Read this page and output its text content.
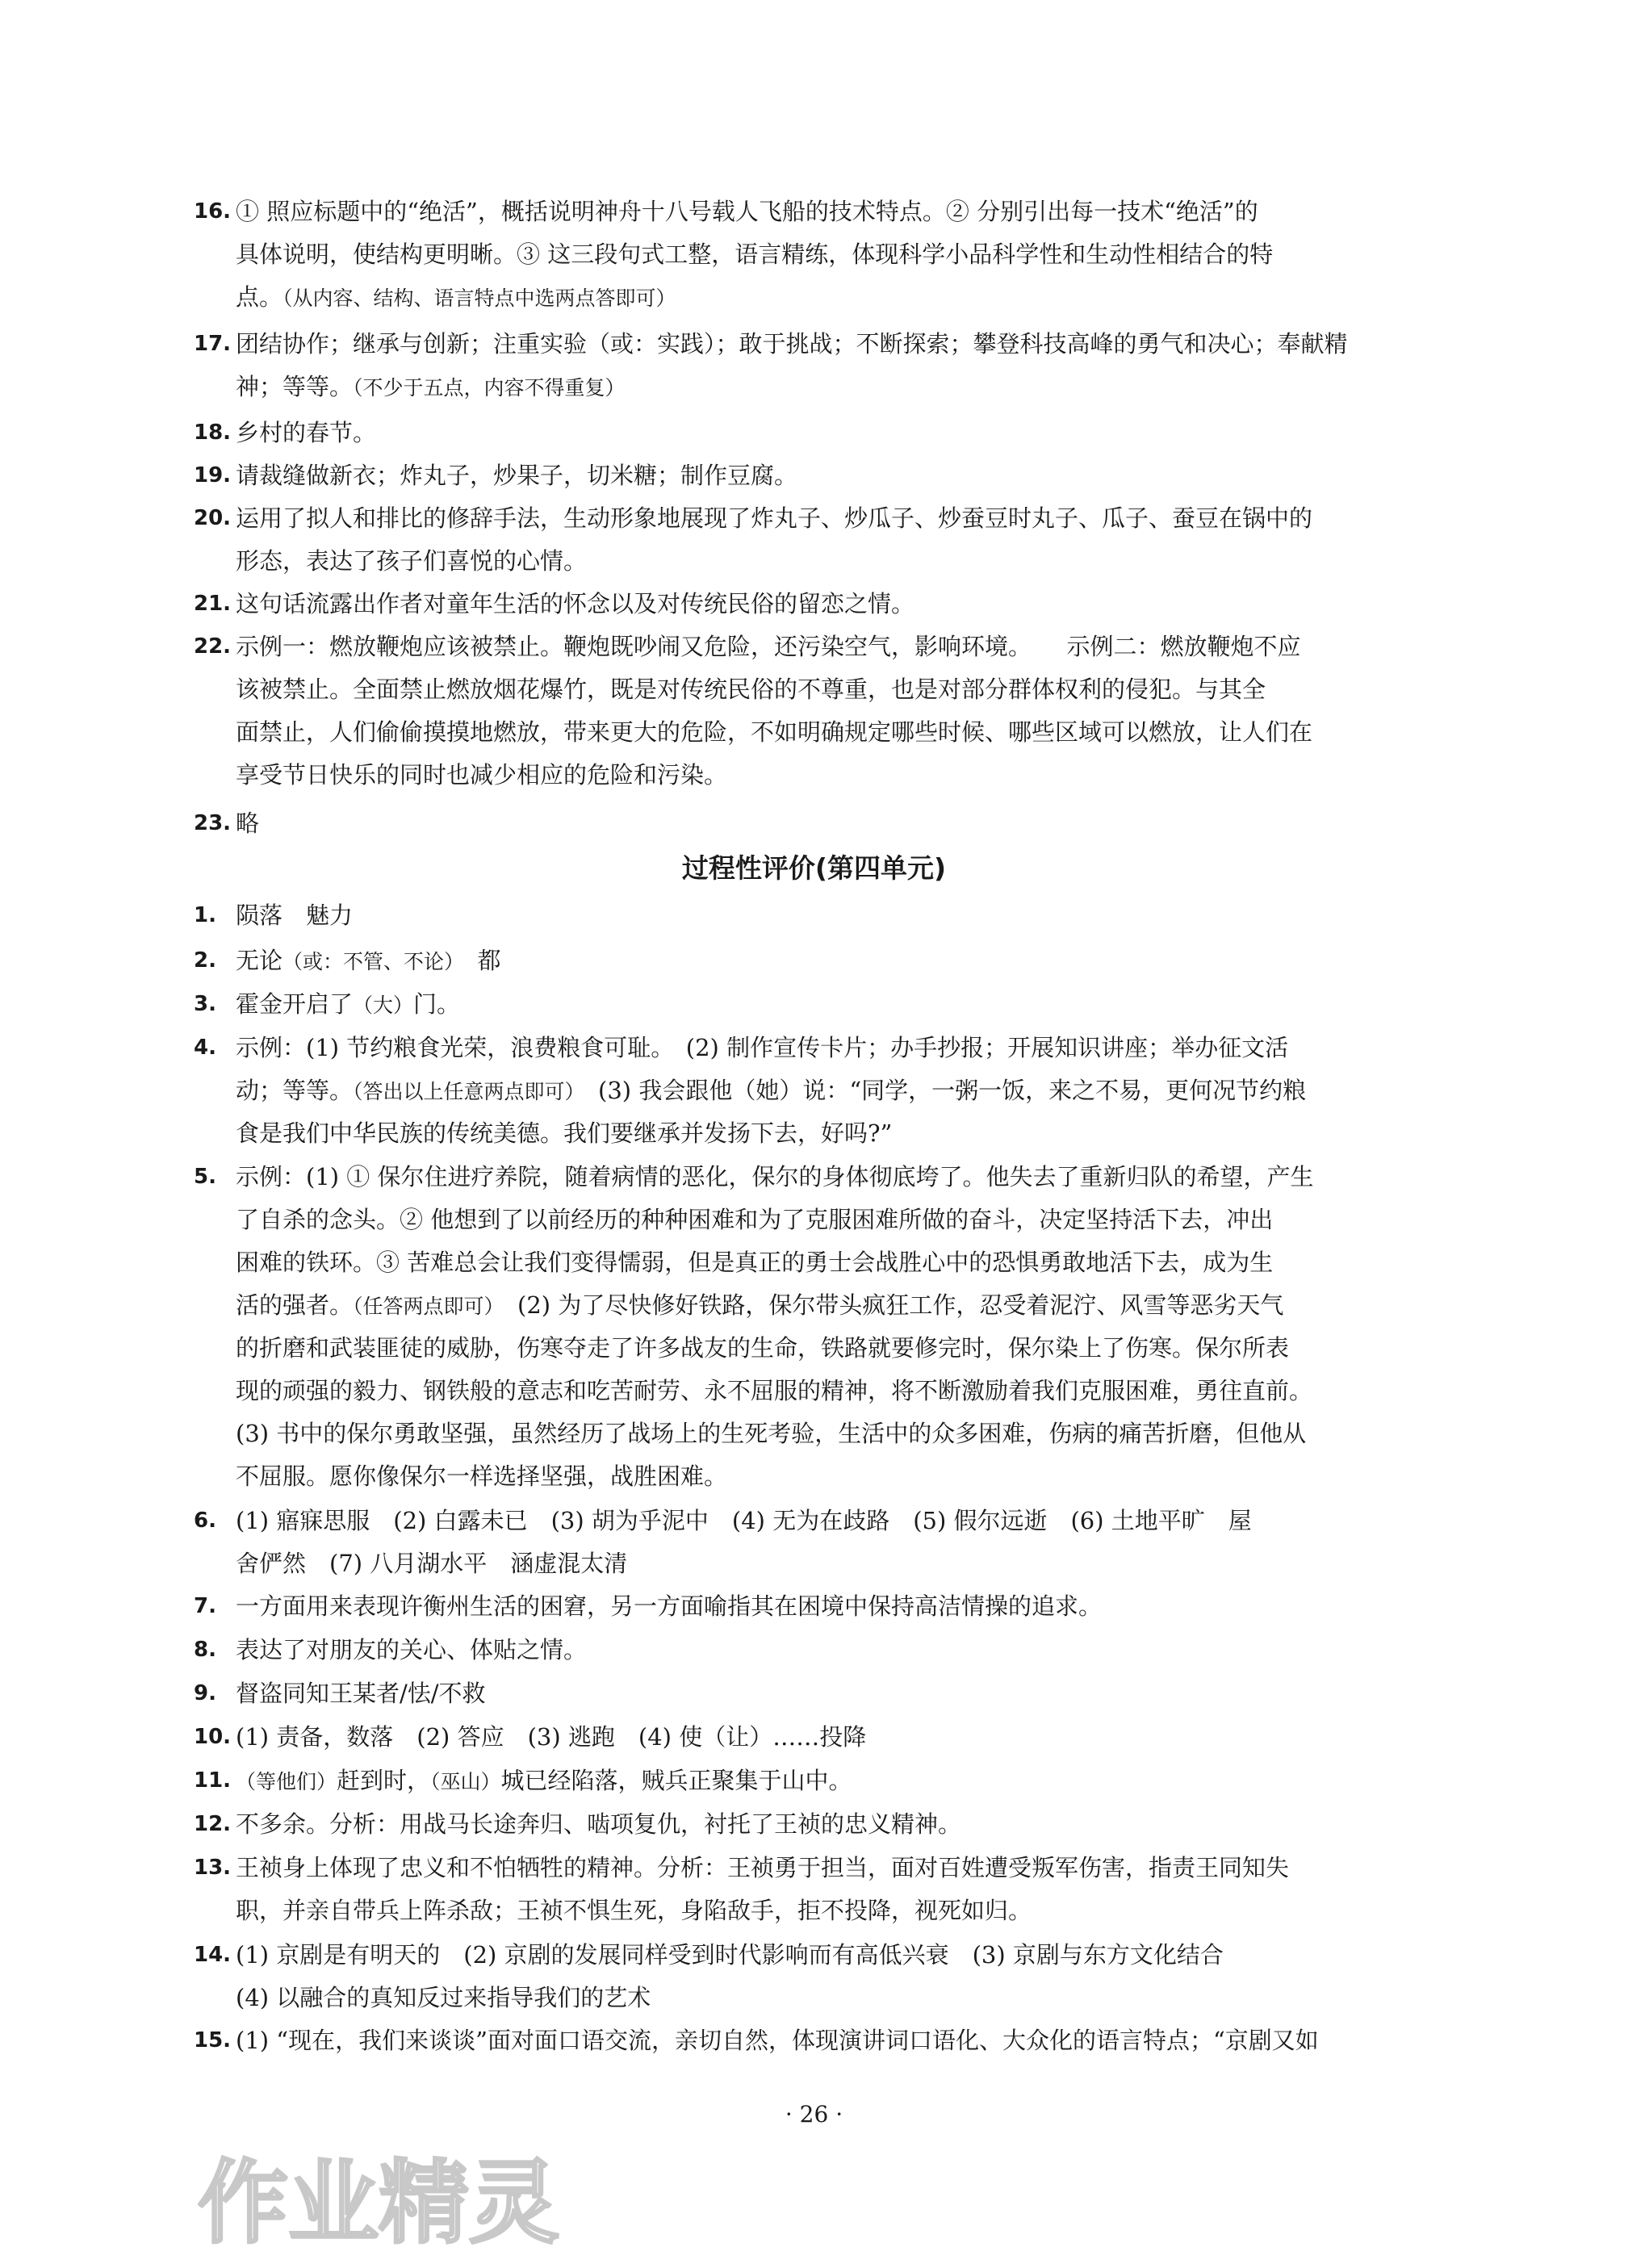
16. ① 照应标题中的“绝活”，概括说明神舟十八号载人飞船的技术特点。② 分别引出每一技术“绝活”的
具体说明，使结构更明晰。③ 这三段句式工整，语言精练，体现科学小品科学性和生动性相结合的特
点。（从内容、结构、语言特点中选两点答即可）
17. 团结协作；继承与创新；注重实验（或：实践）；敢于挑战；不断探索；攀登科技高峰的勇气和决心；奉献精
神；等等。（不少于五点，内容不得重复）
18. 乡村的春节。
19. 请裁缝做新衣；炸丸子，炒果子，切米糖；制作豆腐。
20. 运用了拟人和排比的修辞手法，生动形象地展现了炸丸子、炒瓜子、炒蚕豆时丸子、瓜子、蚕豆在锅中的
形态，表达了孩子们喜悦的心情。
21. 这句话流露出作者对童年生活的怀念以及对传统民俗的留恋之情。
22. 示例一：燃放鞭炮应该被禁止。鞭炮既吵闹又危险，还污染空气，影响环境。　　示例二：燃放鞭炮不应
该被禁止。全面禁止燃放烟花爆竹，既是对传统民俗的不尊重，也是对部分群体权利的侵犯。与其全
面禁止，人们偷偷摸摸地燃放，带来更大的危险，不如明确规定哪些时候、哪些区域可以燃放，让人们在
享受节日快乐的同时也减少相应的危险和污染。
23. 略
过程性评价(第四单元)
1. 陨落　魅力
2. 无论（或：不管、不论）　都
3. 霍金开启了（大）门。
4. 示例：(1) 节约粮食光荣，浪费粮食可耻。　(2) 制作宣传卡片；办手抄报；开展知识讲座；举办征文活
动；等等。（答出以上任意两点即可）　(3) 我会跟他（她）说：“同学，一粥一饭，来之不易，更何况节约粮
食是我们中华民族的传统美德。我们要继承并发扬下去，好吗?”
5. 示例：(1) ① 保尔住进疗养院，随着病情的恶化，保尔的身体彻底垮了。他失去了重新归队的希望，产生
了自杀的念头。② 他想到了以前经历的种种困难和为了克服困难所做的奋斗，决定坚持活下去，冲出
困难的铁环。③ 苦难总会让我们变得懦弱，但是真正的勇士会战胜心中的恐惧勇敢地活下去，成为生
活的强者。（任答两点即可）　(2) 为了尽快修好铁路，保尔带头疯狂工作，忍受着泥泞、风雪等恶劣天气
的折磨和武装匪徒的威胁，伤寒夺走了许多战友的生命，铁路就要修完时，保尔染上了伤寒。保尔所表
现的顽强的毅力、钢铁般的意志和吃苦耐劳、永不屈服的精神，将不断激励着我们克服困难，勇往直前。
(3) 书中的保尔勇敢坚强，虽然经历了战场上的生死考验，生活中的众多困难，伤病的痛苦折磨，但他从
不屈服。愿你像保尔一样选择坚强，战胜困难。
6. (1) 寤寐思服　(2) 白露未已　(3) 胡为乎泥中　(4) 无为在歧路　(5) 假尔远逝　(6) 土地平旷　屋
舍俨然　(7) 八月湖水平　涵虚混太清
7. 一方面用来表现许衡州生活的困窘，另一方面喻指其在困境中保持高洁情操的追求。
8. 表达了对朋友的关心、体贴之情。
9. 督盗同知王某者/怯/不救
10. (1) 责备，数落　(2) 答应　(3) 逃跑　(4) 使（让）……投降
11. （等他们）赶到时，（巫山）城已经陷落，贼兵正聚集于山中。
12. 不多余。分析：用战马长途奔归、啮项复仇，衬托了王祯的忠义精神。
13. 王祯身上体现了忠义和不怕牺牲的精神。分析：王祯勇于担当，面对百姓遭受叛军伤害，指责王同知失
职，并亲自带兵上阵杀敌；王祯不惧生死，身陷敌手，拒不投降，视死如归。
14. (1) 京剧是有明天的　(2) 京剧的发展同样受到时代影响而有高低兴衰　(3) 京剧与东方文化结合
(4) 以融合的真知反过来指导我们的艺术
15. (1) “现在，我们来谈谈”面对面口语交流，亲切自然，体现演讲词口语化、大众化的语言特点；“京剧又如
· 26 ·
作业精灵
